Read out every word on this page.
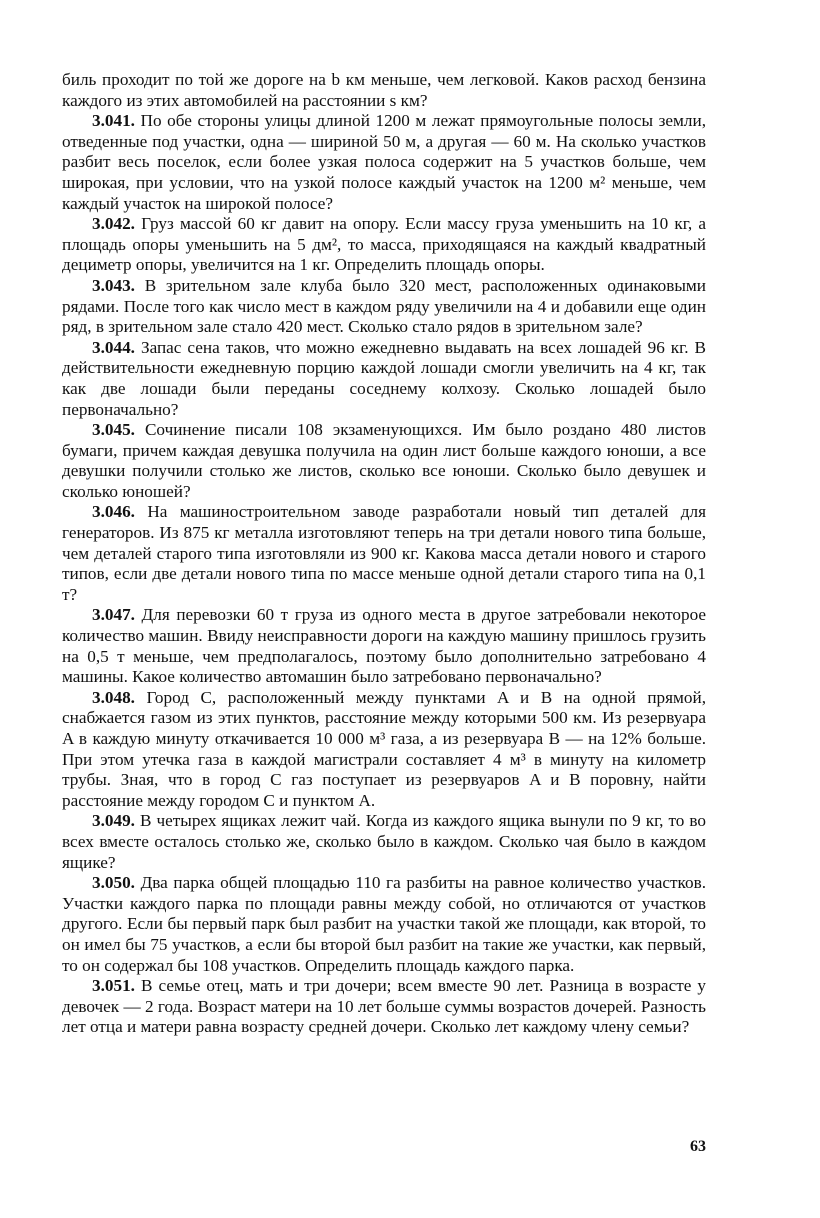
биль проходит по той же дороге на b км меньше, чем легковой. Каков расход бензина каждого из этих автомобилей на расстоянии s км?

3.041. По обе стороны улицы длиной 1200 м лежат прямоугольные полосы земли, отведенные под участки, одна — шириной 50 м, а другая — 60 м. На сколько участков разбит весь поселок, если более узкая полоса содержит на 5 участков больше, чем широкая, при условии, что на узкой полосе каждый участок на 1200 м² меньше, чем каждый участок на широкой полосе?

3.042. Груз массой 60 кг давит на опору. Если массу груза уменьшить на 10 кг, а площадь опоры уменьшить на 5 дм², то масса, приходящаяся на каждый квадратный дециметр опоры, увеличится на 1 кг. Определить площадь опоры.

3.043. В зрительном зале клуба было 320 мест, расположенных одинаковыми рядами. После того как число мест в каждом ряду увеличили на 4 и добавили еще один ряд, в зрительном зале стало 420 мест. Сколько стало рядов в зрительном зале?

3.044. Запас сена таков, что можно ежедневно выдавать на всех лошадей 96 кг. В действительности ежедневную порцию каждой лошади смогли увеличить на 4 кг, так как две лошади были переданы соседнему колхозу. Сколько лошадей было первоначально?

3.045. Сочинение писали 108 экзаменующихся. Им было роздано 480 листов бумаги, причем каждая девушка получила на один лист больше каждого юноши, а все девушки получили столько же листов, сколько все юноши. Сколько было девушек и сколько юношей?

3.046. На машиностроительном заводе разработали новый тип деталей для генераторов. Из 875 кг металла изготовляют теперь на три детали нового типа больше, чем деталей старого типа изготовляли из 900 кг. Какова масса детали нового и старого типов, если две детали нового типа по массе меньше одной детали старого типа на 0,1 т?

3.047. Для перевозки 60 т груза из одного места в другое затребовали некоторое количество машин. Ввиду неисправности дороги на каждую машину пришлось грузить на 0,5 т меньше, чем предполагалось, поэтому было дополнительно затребовано 4 машины. Какое количество автомашин было затребовано первоначально?

3.048. Город C, расположенный между пунктами A и B на одной прямой, снабжается газом из этих пунктов, расстояние между которыми 500 км. Из резервуара A в каждую минуту откачивается 10 000 м³ газа, а из резервуара B — на 12% больше. При этом утечка газа в каждой магистрали составляет 4 м³ в минуту на километр трубы. Зная, что в город C газ поступает из резервуаров A и B поровну, найти расстояние между городом C и пунктом A.

3.049. В четырех ящиках лежит чай. Когда из каждого ящика вынули по 9 кг, то во всех вместе осталось столько же, сколько было в каждом. Сколько чая было в каждом ящике?

3.050. Два парка общей площадью 110 га разбиты на равное количество участков. Участки каждого парка по площади равны между собой, но отличаются от участков другого. Если бы первый парк был разбит на участки такой же площади, как второй, то он имел бы 75 участков, а если бы второй был разбит на такие же участки, как первый, то он содержал бы 108 участков. Определить площадь каждого парка.

3.051. В семье отец, мать и три дочери; всем вместе 90 лет. Разница в возрасте у девочек — 2 года. Возраст матери на 10 лет больше суммы возрастов дочерей. Разность лет отца и матери равна возрасту средней дочери. Сколько лет каждому члену семьи?

63
